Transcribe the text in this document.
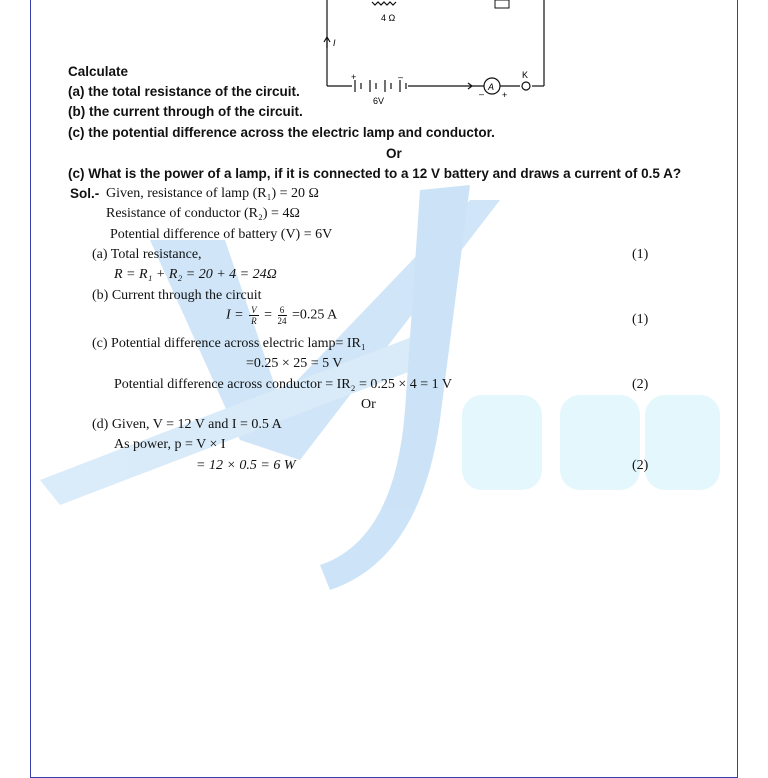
4 Ω
I
+	–
6V
A
– +
K
Calculate
(a) the total resistance of the circuit.
(b) the current through of the circuit.
(c) the potential difference across the electric lamp and conductor.
Or
(c) What is the power of a lamp, if it is connected to a 12 V battery and draws a current of 0.5 A?
Sol.- Given, resistance of lamp (R₁) = 20 Ω
Resistance of conductor (R₂) = 4Ω
Potential difference of battery (V) = 6V
(a) Total resistance,	(1)
R = R₁ + R₂ = 20 + 4 = 24Ω
(b) Current through the circuit
$I = \frac{V}{R} = \frac{6}{24} =0.25$ A	(1)
(c) Potential difference across electric lamp= IR₁
=0.25 × 25 = 5 V
Potential difference across conductor = IR₂ = 0.25 × 4 = 1 V	(2)
Or
(d) Given, V = 12 V and I = 0.5 A
As power, p = V × I
= 12 × 0.5 = 6 W	(2)
